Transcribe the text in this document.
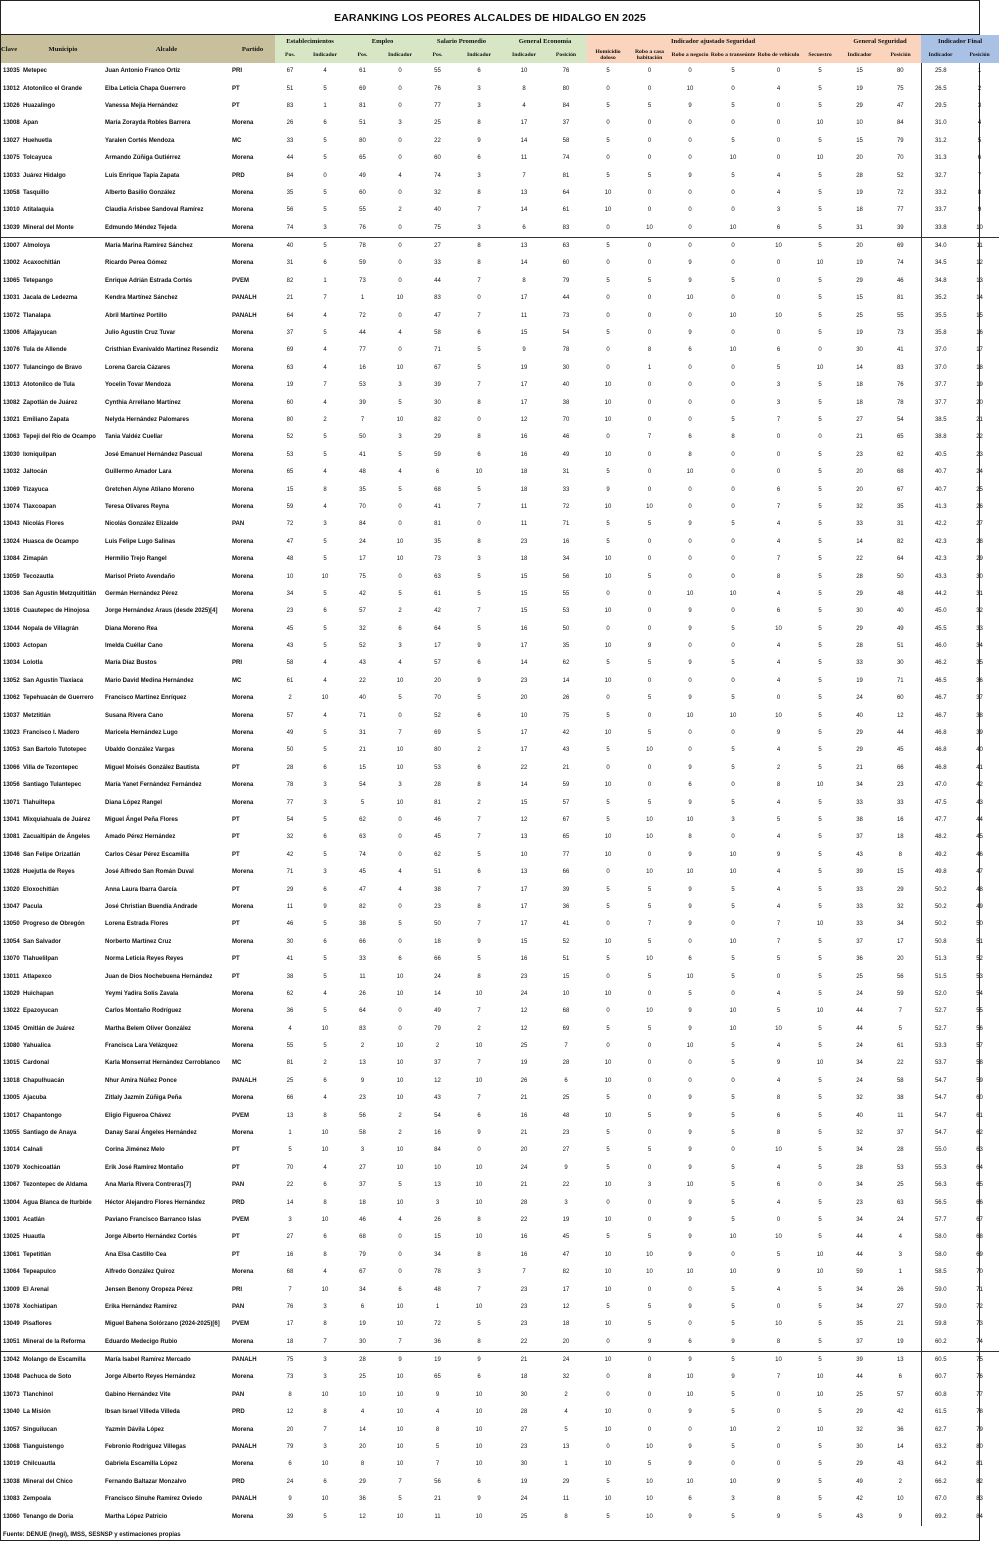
EARANKING LOS PEORES ALCALDES DE HIDALGO EN 2025
Clave	Municipio	Alcalde	Partido	Establecimientos		Empleo		Salario Promedio		General Economía		Indicador ajustado Seguridad						General Seguridad		Indicador Final	
				Pos.	Indicador	Pos.	Indicador	Pos.	Indicador	Indicador	Posición	Homicidio doloso	Robo a casa habitación	Robo a negocio	Robo a transeúnte	Robo de vehículo	Secuestro	Indicador	Posición	Indicador	Posición
13035	Metepec	Juan Antonio Franco Ortíz	PRI	67	4	61	0	55	6	10	76	5	0	0	5	0	5	15	80	25.8	1
13012	Atotonilco el Grande	Elba Leticia Chapa Guerrero	PT	51	5	69	0	76	3	8	80	0	0	10	0	4	5	19	75	26.5	2
13026	Huazalingo	Vanessa Mejía Hernández	PT	83	1	81	0	77	3	4	84	5	5	9	5	0	5	29	47	29.5	3
13008	Apan	María Zorayda Robles Barrera	Morena	26	6	51	3	25	8	17	37	0	0	0	0	0	10	10	84	31.0	4
13027	Huehuetla	Yaralen Cortés Mendoza	MC	33	5	80	0	22	9	14	58	5	0	0	5	0	5	15	79	31.2	5
13075	Tolcayuca	Armando Zúñiga Gutiérrez	Morena	44	5	65	0	60	6	11	74	0	0	0	10	0	10	20	70	31.3	6
13033	Juárez Hidalgo	Luis Enrique Tapia Zapata	PRD	84	0	49	4	74	3	7	81	5	5	9	5	4	5	28	52	32.7	7
13058	Tasquillo	Alberto Basilio González	Morena	35	5	60	0	32	8	13	64	10	0	0	0	4	5	19	72	33.2	8
13010	Atitalaquia	Claudia Arisbee Sandoval Ramírez	Morena	56	5	55	2	40	7	14	61	10	0	0	0	3	5	18	77	33.7	9
13039	Mineral del Monte	Edmundo Méndez Tejeda	Morena	74	3	76	0	75	3	6	83	0	10	0	10	6	5	31	39	33.8	10
13007	Almoloya	María Marina Ramírez Sánchez	Morena	40	5	78	0	27	8	13	63	5	0	0	0	10	5	20	69	34.0	11
13002	Acaxochitlán	Ricardo Perea Gómez	Morena	31	6	59	0	33	8	14	60	0	0	9	0	0	10	19	74	34.5	12
13065	Tetepango	Enrique Adrián Estrada Cortés	PVEM	82	1	73	0	44	7	8	79	5	5	9	5	0	5	29	46	34.8	13
13031	Jacala de Ledezma	Kendra Martínez Sánchez	PANALH	21	7	1	10	83	0	17	44	0	0	10	0	0	5	15	81	35.2	14
13072	Tlanalapa	Abril Martínez Portillo	PANALH	64	4	72	0	47	7	11	73	0	0	0	10	10	5	25	55	35.5	15
13006	Alfajayucan	Julio Agustín Cruz Tuvar	Morena	37	5	44	4	58	6	15	54	5	0	9	0	0	5	19	73	35.8	16
13076	Tula de Allende	Cristhian Evanivaldo Martínez Resendiz	Morena	69	4	77	0	71	5	9	78	0	8	6	10	6	0	30	41	37.0	17
13077	Tulancingo de Bravo	Lorena García Cázares	Morena	63	4	16	10	67	5	19	30	0	1	0	0	5	10	14	83	37.0	18
13013	Atotonilco de Tula	Yocelin Tovar Mendoza	Morena	19	7	53	3	39	7	17	40	10	0	0	0	3	5	18	76	37.7	19
13082	Zapotlán de Juárez	Cynthia Arrellano Martínez	Morena	60	4	39	5	30	8	17	38	10	0	0	0	3	5	18	78	37.7	20
13021	Emiliano Zapata	Nelyda Hernández Palomares	Morena	80	2	7	10	82	0	12	70	10	0	0	5	7	5	27	54	38.5	21
13063	Tepeji del Río de Ocampo	Tania Valdéz Cuellar	Morena	52	5	50	3	29	8	16	46	0	7	6	8	0	0	21	65	38.8	22
13030	Ixmiquilpan	José Emanuel Hernández Pascual	Morena	53	5	41	5	59	6	16	49	10	0	8	0	0	5	23	62	40.5	23
13032	Jaltocán	Guillermo Amador Lara	Morena	65	4	48	4	6	10	18	31	5	0	10	0	0	5	20	68	40.7	24
13069	Tizayuca	Gretchen Alyne Atilano Moreno	Morena	15	8	35	5	68	5	18	33	9	0	0	0	6	5	20	67	40.7	25
13074	Tlaxcoapan	Teresa Olivares Reyna	Morena	59	4	70	0	41	7	11	72	10	10	0	0	7	5	32	35	41.3	26
13043	Nicolás Flores	Nicolás González Elizalde	PAN	72	3	84	0	81	0	11	71	5	5	9	5	4	5	33	31	42.2	27
13024	Huasca de Ocampo	Luis Felipe Lugo Salinas	Morena	47	5	24	10	35	8	23	16	5	0	0	0	4	5	14	82	42.3	28
13084	Zimapán	Hermilio Trejo Rangel	Morena	48	5	17	10	73	3	18	34	10	0	0	0	7	5	22	64	42.3	29
13059	Tecozautla	Marisol Prieto Avendaño	Morena	10	10	75	0	63	5	15	56	10	5	0	0	8	5	28	50	43.3	30
13036	San Agustín Metzquititlán	Germán Hernández Pérez	Morena	34	5	42	5	61	5	15	55	0	0	10	10	4	5	29	48	44.2	31
13016	Cuautepec de Hinojosa	Jorge Hernández Araus (desde 2025)[4]	Morena	23	6	57	2	42	7	15	53	10	0	9	0	6	5	30	40	45.0	32
13044	Nopala de Villagrán	Diana Moreno Rea	Morena	45	5	32	6	64	5	16	50	0	0	9	5	10	5	29	49	45.5	33
13003	Actopan	Imelda Cuéllar Cano	Morena	43	5	52	3	17	9	17	35	10	9	0	0	4	5	28	51	46.0	34
13034	Lolotla	María Díaz Bustos	PRI	58	4	43	4	57	6	14	62	5	5	9	5	4	5	33	30	46.2	35
13052	San Agustín Tlaxiaca	Mario David Medina Hernández	MC	61	4	22	10	20	9	23	14	10	0	0	0	4	5	19	71	46.5	36
13062	Tepehuacán de Guerrero	Francisco Martínez Enríquez	Morena	2	10	40	5	70	5	20	26	0	5	9	5	0	5	24	60	46.7	37
13037	Metztitlán	Susana Rivera Cano	Morena	57	4	71	0	52	6	10	75	5	0	10	10	10	5	40	12	46.7	38
13023	Francisco I. Madero	Maricela Hernández Lugo	Morena	49	5	31	7	69	5	17	42	10	5	0	0	9	5	29	44	46.8	39
13053	San Bartolo Tutotepec	Ubaldo González Vargas	Morena	50	5	21	10	80	2	17	43	5	10	0	5	4	5	29	45	46.8	40
13066	Villa de Tezontepec	Miguel Moisés González Bautista	PT	28	6	15	10	53	6	22	21	0	0	9	5	2	5	21	66	46.8	41
13056	Santiago Tulantepec	María Yanet Fernández Fernández	Morena	78	3	54	3	28	8	14	59	10	0	6	0	8	10	34	23	47.0	42
13071	Tlahuiltepa	Diana López Rangel	Morena	77	3	5	10	81	2	15	57	5	5	9	5	4	5	33	33	47.5	43
13041	Mixquiahuala de Juárez	Miguel Ángel Peña Flores	PT	54	5	62	0	46	7	12	67	5	10	10	3	5	5	38	16	47.7	44
13081	Zacualtipán de Ángeles	Amado Pérez Hernández	PT	32	6	63	0	45	7	13	65	10	10	8	0	4	5	37	18	48.2	45
13046	San Felipe Orizatlán	Carlos César Pérez Escamilla	PT	42	5	74	0	62	5	10	77	10	0	9	10	9	5	43	8	49.2	46
13028	Huejutla de Reyes	José Alfredo San Román Duval	Morena	71	3	45	4	51	6	13	66	0	10	10	10	4	5	39	15	49.8	47
13020	Eloxochitlán	Anna Laura Ibarra García	PT	29	6	47	4	38	7	17	39	5	5	9	5	4	5	33	29	50.2	48
13047	Pacula	José Christian Buendía Andrade	Morena	11	9	82	0	23	8	17	36	5	5	9	5	4	5	33	32	50.2	49
13050	Progreso de Obregón	Lorena Estrada Flores	PT	46	5	38	5	50	7	17	41	0	7	9	0	7	10	33	34	50.2	50
13054	San Salvador	Norberto Martínez Cruz	Morena	30	6	66	0	18	9	15	52	10	5	0	10	7	5	37	17	50.8	51
13070	Tlahuelilpan	Norma Leticia Reyes Reyes	PT	41	5	33	6	66	5	16	51	5	10	6	5	5	5	36	20	51.3	52
13011	Atlapexco	Juan de Dios Nochebuena Hernández	PT	38	5	11	10	24	8	23	15	0	5	10	5	0	5	25	56	51.5	53
13029	Huichapan	Yeymi Yadira Solís Zavala	Morena	62	4	26	10	14	10	24	10	10	0	5	0	4	5	24	59	52.0	54
13022	Epazoyucan	Carlos Montaño Rodríguez	Morena	36	5	64	0	49	7	12	68	0	10	9	10	5	10	44	7	52.7	55
13045	Omitlán de Juárez	Martha Belem Oliver González	Morena	4	10	83	0	79	2	12	69	5	5	9	10	10	5	44	5	52.7	56
13080	Yahualica	Francisca Lara Velázquez	Morena	55	5	2	10	2	10	25	7	0	0	10	5	4	5	24	61	53.3	57
13015	Cardonal	Karla Monserrat Hernández Cerroblanco	MC	81	2	13	10	37	7	19	28	10	0	0	5	9	10	34	22	53.7	58
13018	Chapulhuacán	Nhur Amira Núñez Ponce	PANALH	25	6	9	10	12	10	26	6	10	0	0	0	4	5	24	58	54.7	59
13005	Ajacuba	Zitlaly Jazmín Zúñiga Peña	Morena	66	4	23	10	43	7	21	25	5	0	9	5	8	5	32	38	54.7	60
13017	Chapantongo	Eligio Figueroa Chávez	PVEM	13	8	56	2	54	6	16	48	10	5	9	5	6	5	40	11	54.7	61
13055	Santiago de Anaya	Danay Saraí Ángeles Hernández	Morena	1	10	58	2	16	9	21	23	5	0	9	5	8	5	32	37	54.7	62
13014	Calnali	Corina Jiménez Melo	PT	5	10	3	10	84	0	20	27	5	5	9	0	10	5	34	28	55.0	63
13079	Xochicoatlán	Erik José Ramírez Montaño	PT	70	4	27	10	10	10	24	9	5	0	9	5	4	5	28	53	55.3	64
13067	Tezontepec de Aldama	Ana María Rivera Contreras[7]	PAN	22	6	37	5	13	10	21	22	10	3	10	5	6	0	34	25	56.3	65
13004	Agua Blanca de Iturbide	Héctor Alejandro Flores Hernández	PRD	14	8	18	10	3	10	28	3	0	0	9	5	4	5	23	63	56.5	66
13001	Acatlán	Paviano Francisco Barranco Islas	PVEM	3	10	46	4	26	8	22	19	10	0	9	5	0	5	34	24	57.7	67
13025	Huautla	Jorge Alberto Hernández Cortés	PT	27	6	68	0	15	10	16	45	5	5	9	10	10	5	44	4	58.0	68
13061	Tepetitlán	Ana Elsa Castillo Cea	PT	16	8	79	0	34	8	16	47	10	10	9	0	5	10	44	3	58.0	69
13064	Tepeapulco	Alfredo González Quiroz	Morena	68	4	67	0	78	3	7	82	10	10	10	10	9	10	59	1	58.5	70
13009	El Arenal	Jensen Benony Oropeza Pérez	PRI	7	10	34	6	48	7	23	17	10	0	0	5	4	5	34	26	59.0	71
13078	Xochiatipan	Erika Hernández Ramírez	PAN	76	3	6	10	1	10	23	12	5	5	9	5	0	5	34	27	59.0	72
13049	Pisaflores	Miguel Bahena Solórzano (2024-2025)[6]	PVEM	17	8	19	10	72	5	23	18	10	5	0	5	10	5	35	21	59.8	73
13051	Mineral de la Reforma	Eduardo Medecigo Rubio	Morena	18	7	30	7	36	8	22	20	0	9	6	9	8	5	37	19	60.2	74
13042	Molango de Escamilla	María Isabel Ramírez Mercado	PANALH	75	3	28	9	19	9	21	24	10	0	9	5	10	5	39	13	60.5	75
13048	Pachuca de Soto	Jorge Alberto Reyes Hernández	Morena	73	3	25	10	65	6	18	32	0	8	10	9	7	10	44	6	60.7	76
13073	Tlanchinol	Gabino Hernández Vite	PAN	8	10	10	10	9	10	30	2	0	0	10	5	0	10	25	57	60.8	77
13040	La Misión	Ibsan Israel Villeda Villeda	PRD	12	8	4	10	4	10	28	4	10	0	9	5	0	5	29	42	61.5	78
13057	Singuilucan	Yazmín Dávila López	Morena	20	7	14	10	8	10	27	5	10	0	0	10	2	10	32	36	62.7	79
13068	Tianguistengo	Febronio Rodríguez Villegas	PANALH	79	3	20	10	5	10	23	13	0	10	9	5	0	5	30	14	63.2	80
13019	Chilcuautla	Gabriela Escamilla López	Morena	6	10	8	10	7	10	30	1	10	5	9	0	0	5	29	43	64.2	81
13038	Mineral del Chico	Fernando Baltazar Monzalvo	PRD	24	6	29	7	56	6	19	29	5	10	10	10	9	5	49	2	66.2	82
13083	Zempoala	Francisco Sinuhe Ramírez Oviedo	PANALH	9	10	36	5	21	9	24	11	10	10	6	3	8	5	42	10	67.0	83
13060	Tenango de Doria	Martha López Patricio	Morena	39	5	12	10	11	10	25	8	5	10	9	5	9	5	43	9	69.2	84
Fuente: DENUE (Inegi), IMSS, SESNSP y estimaciones propias
